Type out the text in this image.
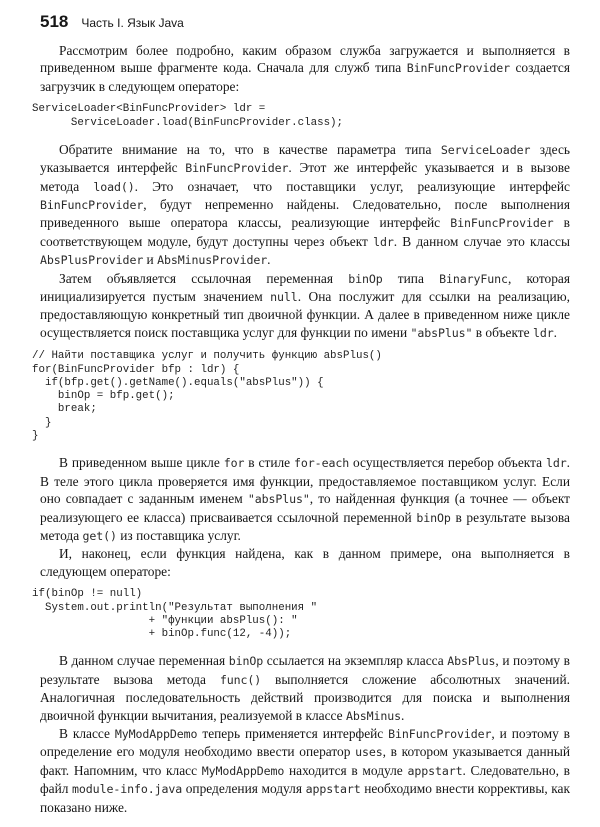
518 Часть I. Язык Java

Рассмотрим более подробно, каким образом служба загружается и выполняется в приведенном выше фрагменте кода. Сначала для служб типа BinFuncProvider создается загрузчик в следующем операторе:

ServiceLoader<BinFuncProvider> ldr =
ServiceLoader.load(BinFuncProvider.class);

Обратите внимание на то, что в качестве параметра типа ServiceLoader здесь указывается интерфейс BinFuncProvider. Этот же интерфейс указывается и в вызове метода load(). Это означает, что поставщики услуг, реализующие интерфейс BinFuncProvider, будут непременно найдены. Следовательно, после выполнения приведенного выше оператора классы, реализующие интерфейс BinFuncProvider в соответствующем модуле, будут доступны через объект ldr. В данном случае это классы AbsPlusProvider и AbsMinusProvider.

Затем объявляется ссылочная переменная binOp типа BinaryFunc, которая инициализируется пустым значением null. Она послужит для ссылки на реализацию, предоставляющую конкретный тип двоичной функции. А далее в приведенном ниже цикле осуществляется поиск поставщика услуг для функции по имени "absPlus" в объекте ldr.

// Найти поставщика услуг и получить функцию absPlus()
for(BinFuncProvider bfp : ldr) {
if(bfp.get().getName().equals("absPlus")) {
binOp = bfp.get();
break;
}
}

В приведенном выше цикле for в стиле for-each осуществляется перебор объекта ldr. В теле этого цикла проверяется имя функции, предоставляемое поставщиком услуг. Если оно совпадает с заданным именем "absPlus", то найденная функция (а точнее — объект реализующего ее класса) присваивается ссылочной переменной binOp в результате вызова метода get() из поставщика услуг.

И, наконец, если функция найдена, как в данном примере, она выполняется в следующем операторе:

if(binOp != null)
System.out.println("Результат выполнения "
+ "функции absPlus(): "
+ binOp.func(12, -4));

В данном случае переменная binOp ссылается на экземпляр класса AbsPlus, и поэтому в результате вызова метода func() выполняется сложение абсолютных значений. Аналогичная последовательность действий производится для поиска и выполнения двоичной функции вычитания, реализуемой в классе AbsMinus.

В классе MyModAppDemo теперь применяется интерфейс BinFuncProvider, и поэтому в определение его модуля необходимо ввести оператор uses, в котором указывается данный факт. Напомним, что класс MyModAppDemo находится в модуле appstart. Следовательно, в файл module-info.java определения модуля appstart необходимо внести коррективы, как показано ниже.
